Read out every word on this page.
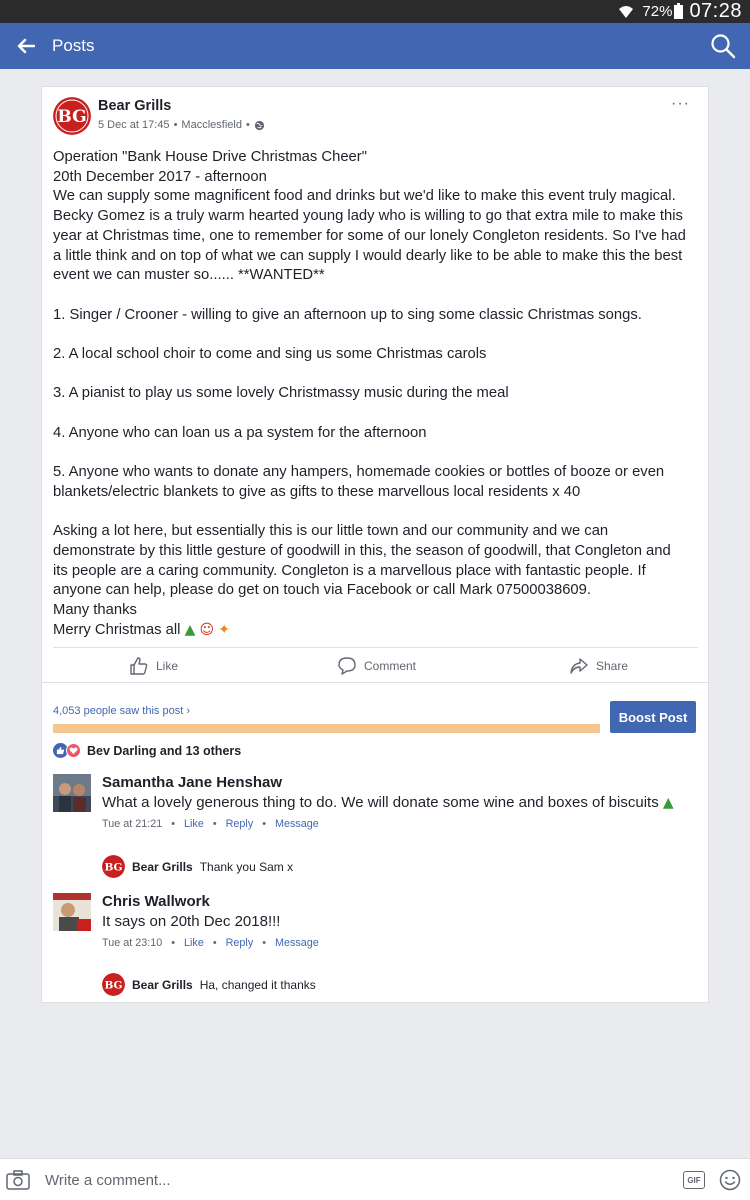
72% 07:28
Posts
BG
Bear Grills
5 Dec at 17:45 • Macclesfield •
···
Operation "Bank House Drive Christmas Cheer"
20th December 2017 - afternoon
We can supply some magnificent food and drinks but we'd like to make this event truly magical.
Becky Gomez is a truly warm hearted young lady who is willing to go that extra mile to make this
year at Christmas time, one to remember for some of our lonely Congleton residents. So I've had
a little think and on top of what we can supply I would dearly like to be able to make this the best
event we can muster so...... **WANTED**

1. Singer / Crooner - willing to give an afternoon up to sing some classic Christmas songs.

2. A local school choir to come and sing us some Christmas carols

3. A pianist to play us some lovely Christmassy music during the meal

4. Anyone who can loan us a pa system for the afternoon

5. Anyone who wants to donate any hampers, homemade cookies or bottles of booze or even
blankets/electric blankets to give as gifts to these marvellous local residents x 40

Asking a lot here, but essentially this is our little town and our community and we can
demonstrate by this little gesture of goodwill in this, the season of goodwill, that Congleton and
its people are a caring community. Congleton is a marvellous place with fantastic people. If
anyone can help, please do get on touch via Facebook or call Mark 07500038609.
Many thanks
Merry Christmas all ▲ ☺ ✦
Like	Comment	Share
4,053 people saw this post ›	Boost Post
Bev Darling and 13 others
Samantha Jane Henshaw
What a lovely generous thing to do. We will donate some wine and boxes of biscuits ▲
Tue at 21:21 • Like • Reply • Message
BG Bear Grills Thank you Sam x
Chris Wallwork
It says on 20th Dec 2018!!!
Tue at 23:10 • Like • Reply • Message
BG Bear Grills Ha, changed it thanks
Write a comment...	GIF
